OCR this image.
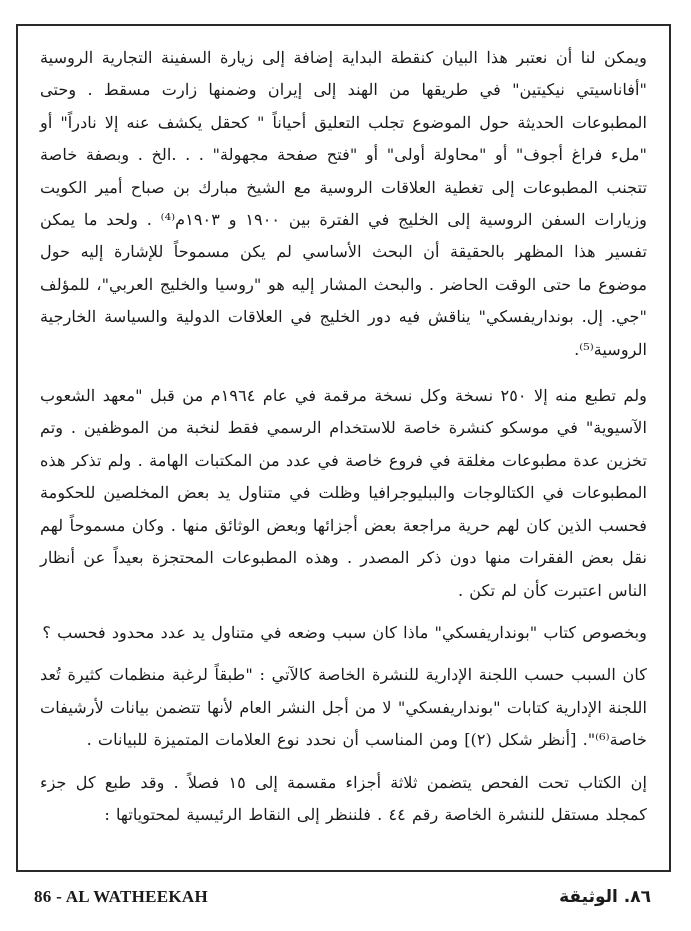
ويمكن لنا أن نعتبر هذا البيان كنقطة البداية إضافة إلى زيارة السفينة التجارية الروسية "أفاناسيتي نيكيتين" في طريقها من الهند إلى إيران وضمنها زارت مسقط . وحتى المطبوعات الحديثة حول الموضوع تجلب التعليق أحياناً " كحقل يكشف عنه إلا نادراً" أو "ملء فراغ أجوف" أو "محاولة أولى" أو "فتح صفحة مجهولة" . . .الخ . وبصفة خاصة تتجنب المطبوعات إلى تغطية العلاقات الروسية مع الشيخ مبارك بن صباح أمير الكويت وزيارات السفن الروسية إلى الخليج في الفترة بين ١٩٠٠ و ١٩٠٣م⁽⁴⁾ . ولحد ما يمكن تفسير هذا المظهر بالحقيقة أن البحث الأساسي لم يكن مسموحاً للإشارة إليه حول موضوع ما حتى الوقت الحاضر . والبحث المشار إليه هو "روسيا والخليج العربي"، للمؤلف "جي. إل. بونداريفسكي" يناقش فيه دور الخليج في العلاقات الدولية والسياسة الخارجية الروسية⁽⁵⁾.

ولم تطبع منه إلا ٢٥٠ نسخة وكل نسخة مرقمة في عام ١٩٦٤م من قبل "معهد الشعوب الآسيوية" في موسكو كنشرة خاصة للاستخدام الرسمي فقط لنخبة من الموظفين . وتم تخزين عدة مطبوعات مغلقة في فروع خاصة في عدد من المكتبات الهامة . ولم تذكر هذه المطبوعات في الكتالوجات والببليوجرافيا وظلت في متناول يد بعض المخلصين للحكومة فحسب الذين كان لهم حرية مراجعة بعض أجزائها وبعض الوثائق منها . وكان مسموحاً لهم نقل بعض الفقرات منها دون ذكر المصدر . وهذه المطبوعات المحتجزة بعيداً عن أنظار الناس اعتبرت كأن لم تكن .

وبخصوص كتاب "بونداريفسكي" ماذا كان سبب وضعه في متناول يد عدد محدود فحسب ؟

كان السبب حسب اللجنة الإدارية للنشرة الخاصة كالآتي : "طبقاً لرغبة منظمات كثيرة تُعد اللجنة الإدارية كتابات "بونداريفسكي" لا من أجل النشر العام لأنها تتضمن بيانات لأرشيفات خاصة⁽⁶⁾". [أنظر شكل (٢)] ومن المناسب أن نحدد نوع العلامات المتميزة للبيانات .

إن الكتاب تحت الفحص يتضمن ثلاثة أجزاء مقسمة إلى ١٥ فصلاً . وقد طبع كل جزء كمجلد مستقل للنشرة الخاصة رقم ٤٤ . فلننظر إلى النقاط الرئيسية لمحتوياتها :

86 - AL WATHEEKAH	٨٦. الوثيقة
